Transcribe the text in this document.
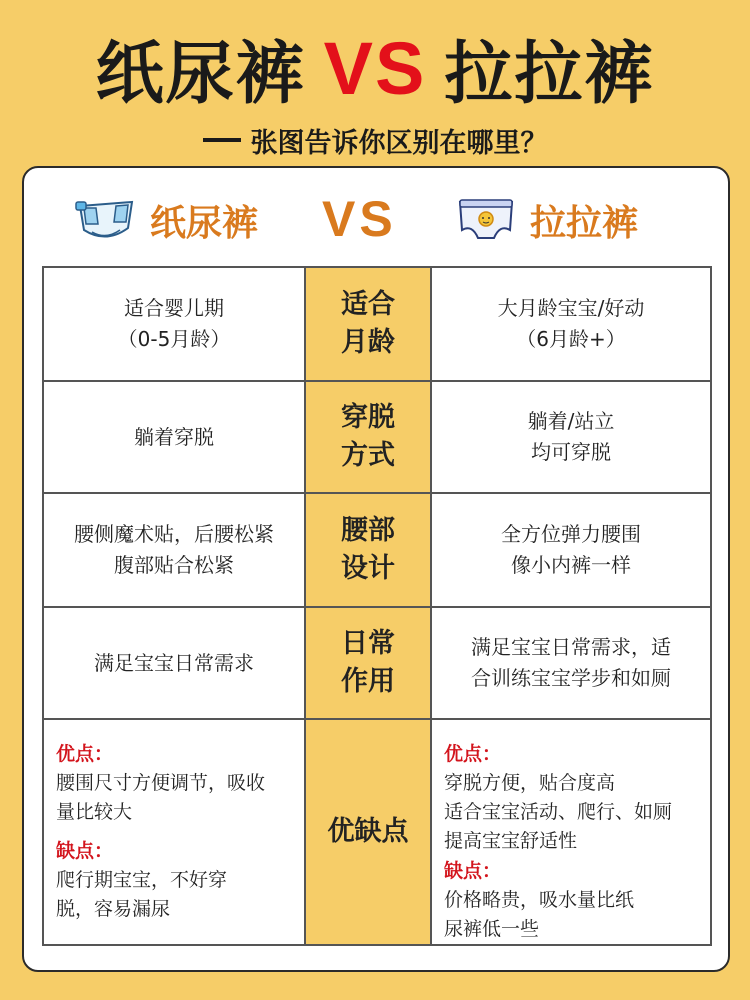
纸尿裤 VS 拉拉裤
张图告诉你区别在哪里？
纸尿裤 VS	拉拉裤
适合婴儿期
（0-5月龄）
适合
月龄
大月龄宝宝/好动
（6月龄+）
躺着穿脱
穿脱
方式
躺着/站立
均可穿脱
腰侧魔术贴，后腰松紧
腹部贴合松紧
腰部
设计
全方位弹力腰围
像小内裤一样
满足宝宝日常需求
日常
作用
满足宝宝日常需求，适
合训练宝宝学步和如厕
优点：
腰围尺寸方便调节，吸收
量比较大
缺点：
爬行期宝宝，不好穿
脱，容易漏尿
优缺点
优点：
穿脱方便，贴合度高
适合宝宝活动、爬行、如厕
提高宝宝舒适性
缺点：
价格略贵，吸水量比纸
尿裤低一些
